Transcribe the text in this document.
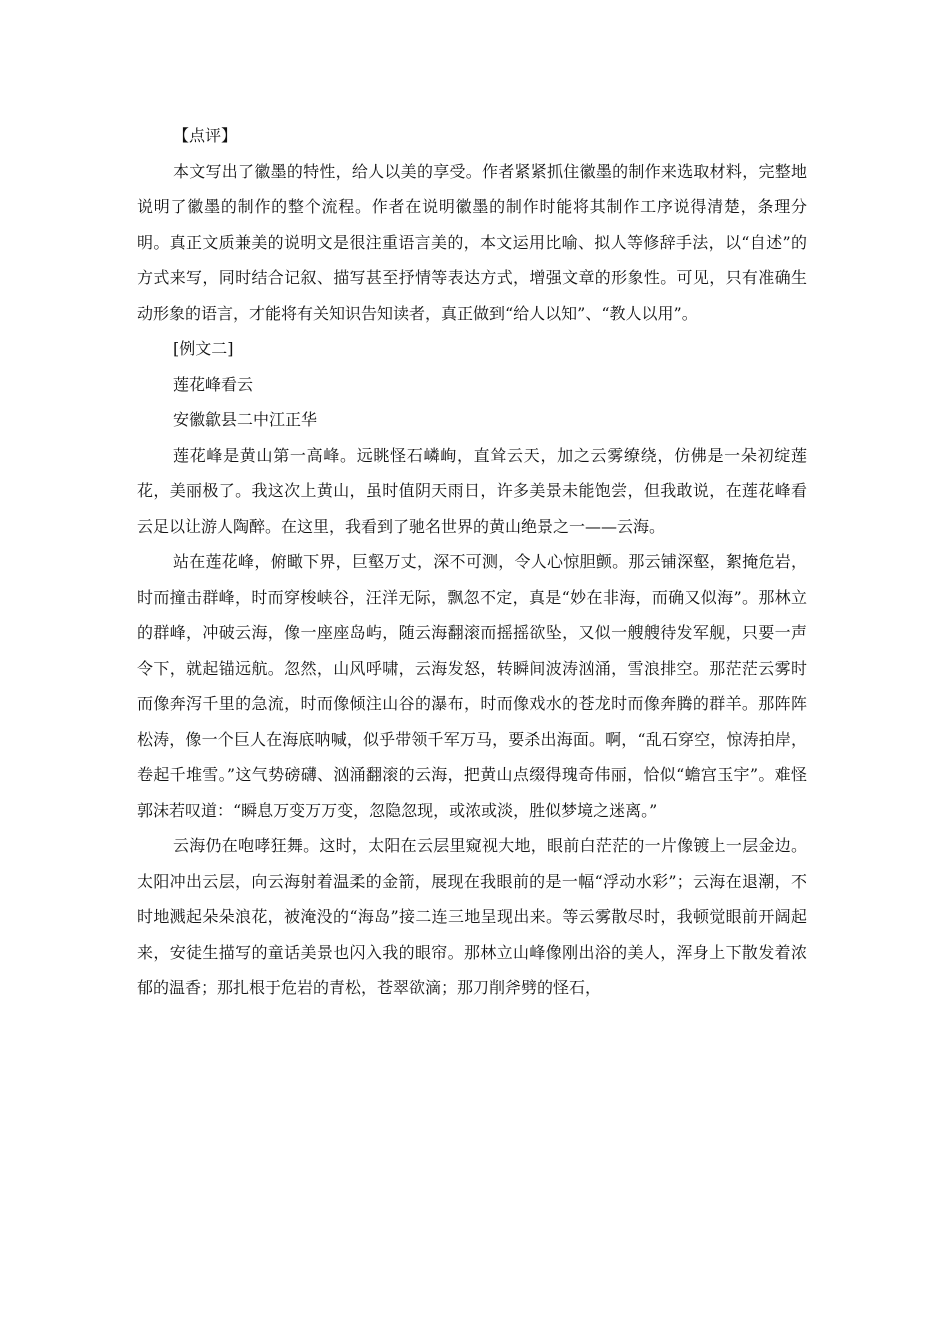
【点评】

本文写出了徽墨的特性，给人以美的享受。作者紧紧抓住徽墨的制作来选取材料，完整地说明了徽墨的制作的整个流程。作者在说明徽墨的制作时能将其制作工序说得清楚，条理分明。真正文质兼美的说明文是很注重语言美的，本文运用比喻、拟人等修辞手法，以“自述”的方式来写，同时结合记叙、描写甚至抒情等表达方式，增强文章的形象性。可见，只有准确生动形象的语言，才能将有关知识告知读者，真正做到“给人以知”、“教人以用”。

[例文二]

莲花峰看云

安徽歙县二中江正华

莲花峰是黄山第一高峰。远眺怪石嶙峋，直耸云天，加之云雾缭绕，仿佛是一朵初绽莲花，美丽极了。我这次上黄山，虽时值阴天雨日，许多美景未能饱尝，但我敢说，在莲花峰看云足以让游人陶醉。在这里，我看到了驰名世界的黄山绝景之一——云海。

站在莲花峰，俯瞰下界，巨壑万丈，深不可测，令人心惊胆颤。那云铺深壑，絮掩危岩，时而撞击群峰，时而穿梭峡谷，汪洋无际，飘忽不定，真是“妙在非海，而确又似海”。那林立的群峰，冲破云海，像一座座岛屿，随云海翻滚而摇摇欲坠，又似一艘艘待发军舰，只要一声令下，就起锚远航。忽然，山风呼啸，云海发怒，转瞬间波涛汹涌，雪浪排空。那茫茫云雾时而像奔泻千里的急流，时而像倾注山谷的瀑布，时而像戏水的苍龙时而像奔腾的群羊。那阵阵松涛，像一个巨人在海底呐喊，似乎带领千军万马，要杀出海面。啊，“乱石穿空，惊涛拍岸，卷起千堆雪。”这气势磅礴、汹涌翻滚的云海，把黄山点缀得瑰奇伟丽，恰似“蟾宫玉宇”。难怪郭沫若叹道：“瞬息万变万万变，忽隐忽现，或浓或淡，胜似梦境之迷离。”

云海仍在咆哮狂舞。这时，太阳在云层里窥视大地，眼前白茫茫的一片像镀上一层金边。太阳冲出云层，向云海射着温柔的金箭，展现在我眼前的是一幅“浮动水彩”；云海在退潮，不时地溅起朵朵浪花，被淹没的“海岛”接二连三地呈现出来。等云雾散尽时，我顿觉眼前开阔起来，安徒生描写的童话美景也闪入我的眼帘。那林立山峰像刚出浴的美人，浑身上下散发着浓郁的温香；那扎根于危岩的青松，苍翠欲滴；那刀削斧劈的怪石，
